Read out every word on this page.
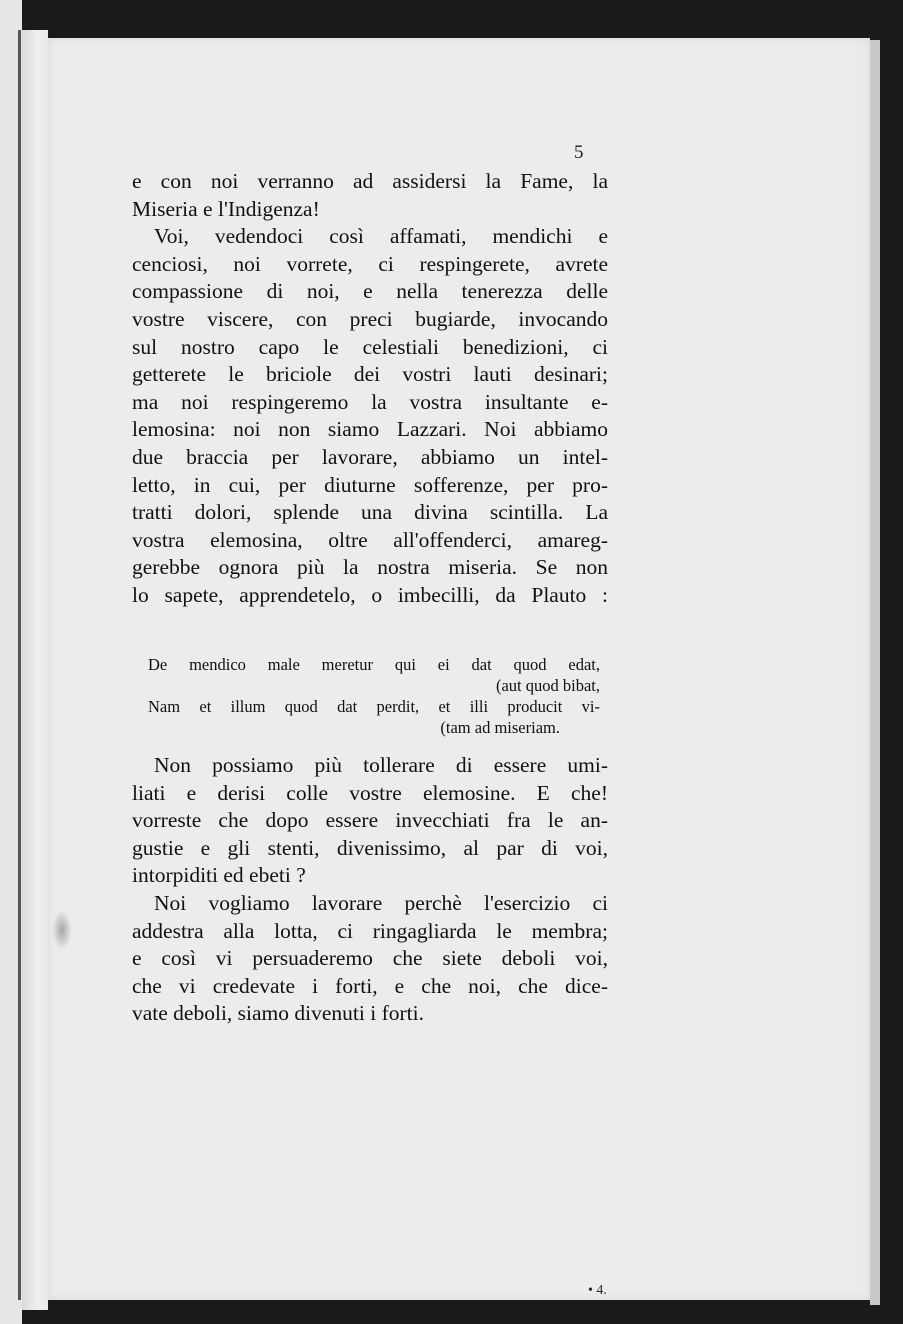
5
e con noi verranno ad assidersi la Fame, la
Miseria e l'Indigenza!
Voi, vedendoci così affamati, mendichi e
cenciosi, noi vorrete, ci respingerete, avrete
compassione di noi, e nella tenerezza delle
vostre viscere, con preci bugiarde, invocando
sul nostro capo le celestiali benedizioni, ci
getterete le briciole dei vostri lauti desinari;
ma noi respingeremo la vostra insultante e-
lemosina: noi non siamo Lazzari. Noi abbiamo
due braccia per lavorare, abbiamo un intel-
letto, in cui, per diuturne sofferenze, per pro-
tratti dolori, splende una divina scintilla. La
vostra elemosina, oltre all'offenderci, amareg-
gerebbe ognora più la nostra miseria. Se non
lo sapete, apprendetelo, o imbecilli, da Plauto :
De mendico male meretur qui ei dat quod edat,
(aut quod bibat,
Nam et illum quod dat perdit, et illi producit vi-
(tam ad miseriam.
Non possiamo più tollerare di essere umi-
liati e derisi colle vostre elemosine. E che!
vorreste che dopo essere invecchiati fra le an-
gustie e gli stenti, divenissimo, al par di voi,
intorpiditi ed ebeti ?
Noi vogliamo lavorare perchè l'esercizio ci
addestra alla lotta, ci ringagliarda le membra;
e così vi persuaderemo che siete deboli voi,
che vi credevate i forti, e che noi, che dice-
vate deboli, siamo divenuti i forti.
• 4.
